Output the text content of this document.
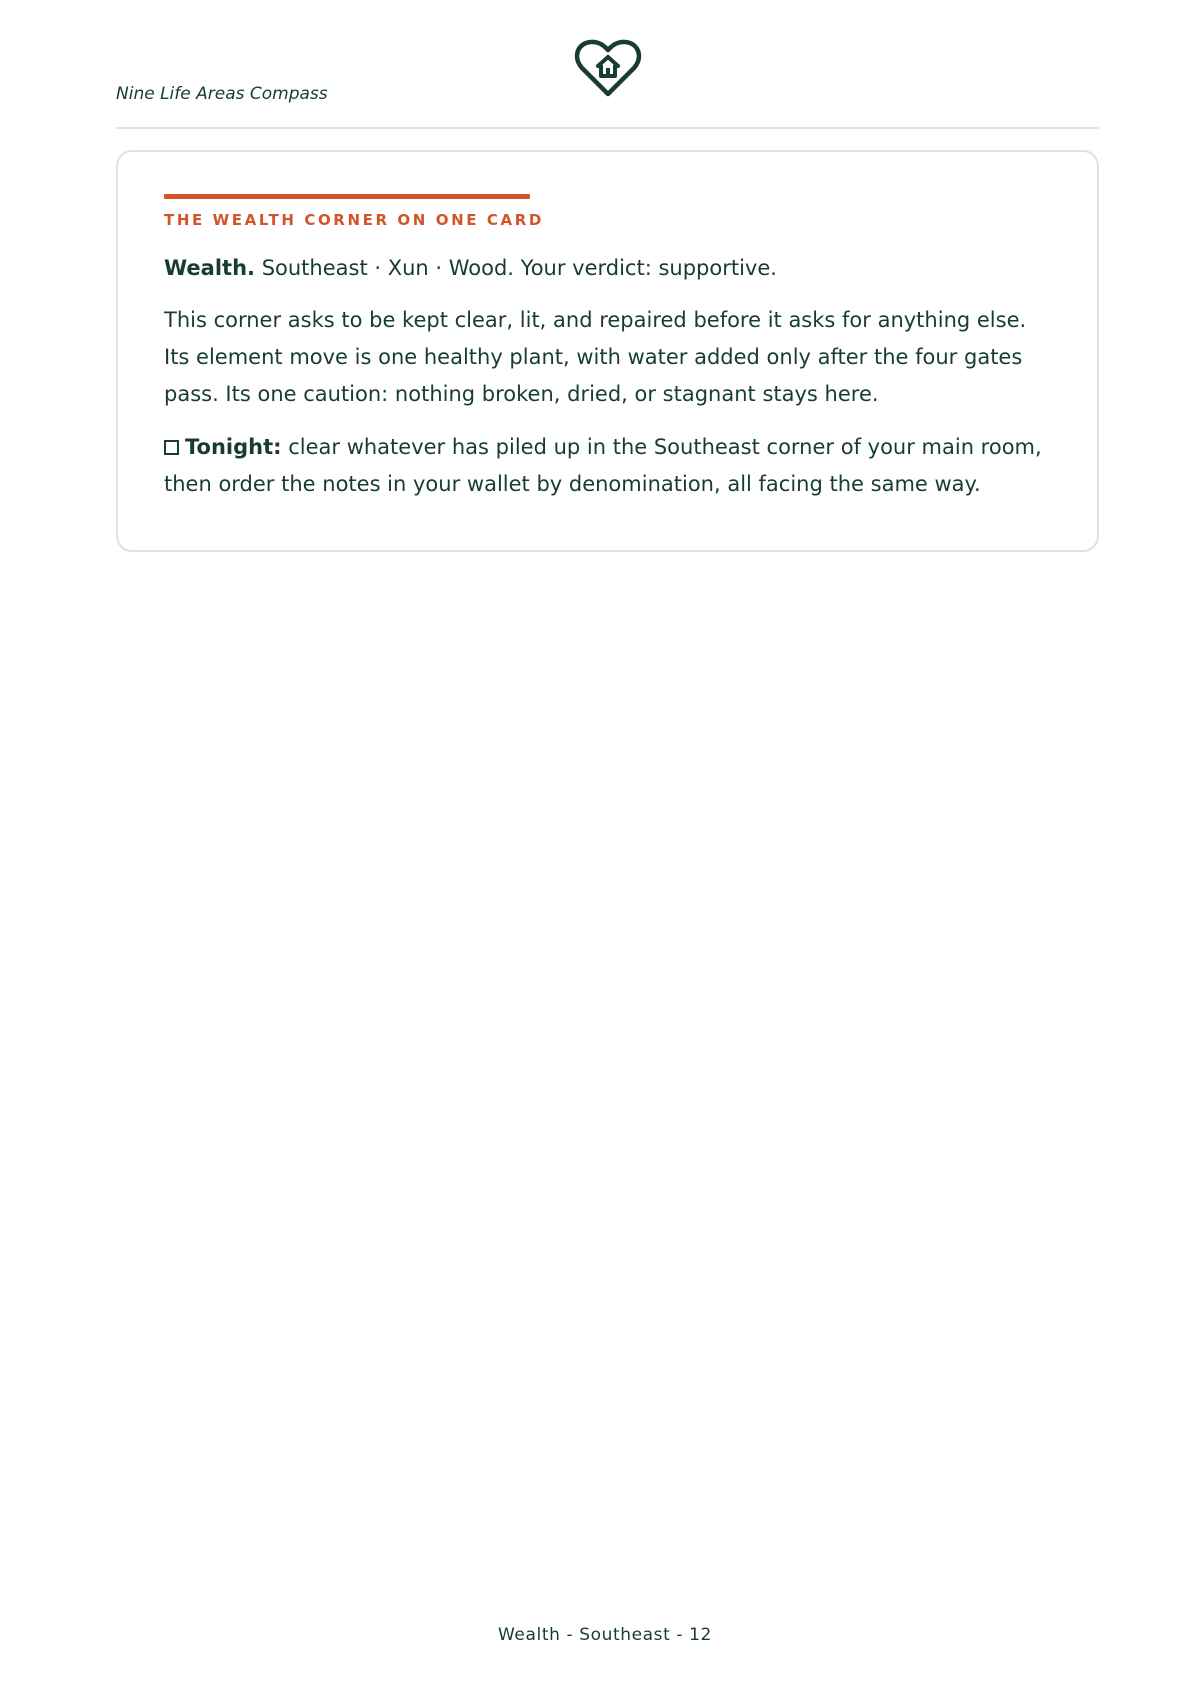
Nine Life Areas Compass
THE WEALTH CORNER ON ONE CARD

Wealth. Southeast · Xun · Wood. Your verdict: supportive.

This corner asks to be kept clear, lit, and repaired before it asks for anything else. Its element move is one healthy plant, with water added only after the four gates pass. Its one caution: nothing broken, dried, or stagnant stays here.

Tonight: clear whatever has piled up in the Southeast corner of your main room, then order the notes in your wallet by denomination, all facing the same way.

Wealth - Southeast - 12
